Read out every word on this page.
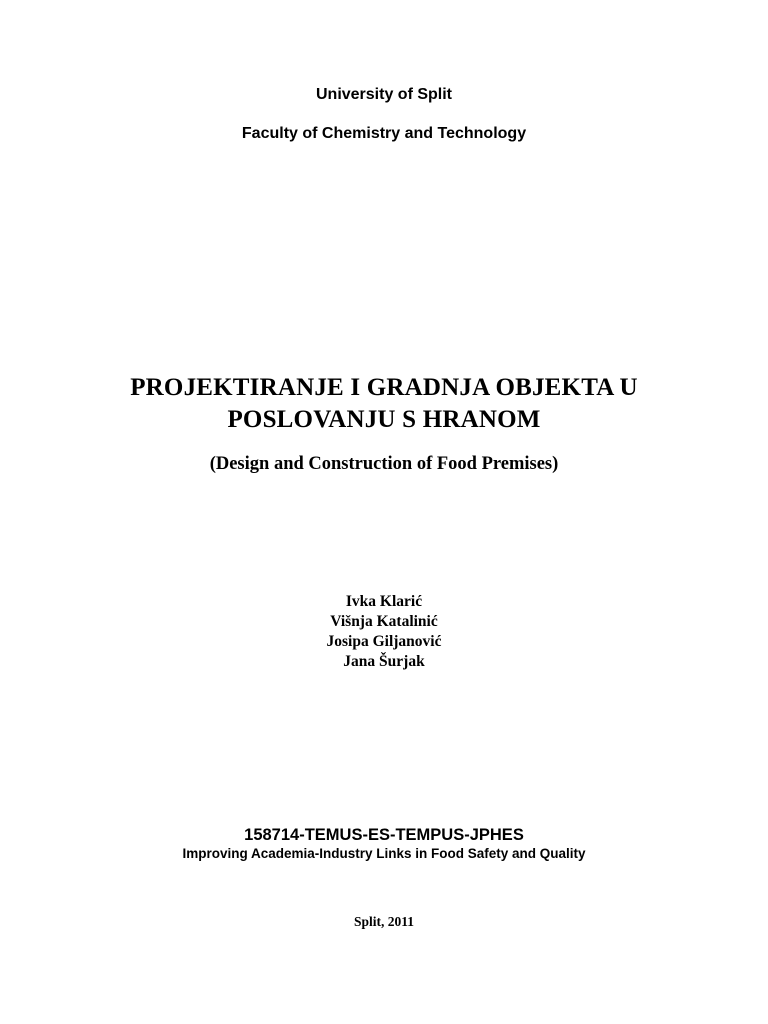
University of Split
Faculty of Chemistry and Technology
PROJEKTIRANJE I GRADNJA OBJEKTA U
POSLOVANJU S HRANOM
(Design and Construction of Food Premises)
Ivka Klarić
Višnja Katalinić
Josipa Giljanović
Jana Šurjak
158714-TEMUS-ES-TEMPUS-JPHES
Improving Academia-Industry Links in Food Safety and Quality
Split, 2011
